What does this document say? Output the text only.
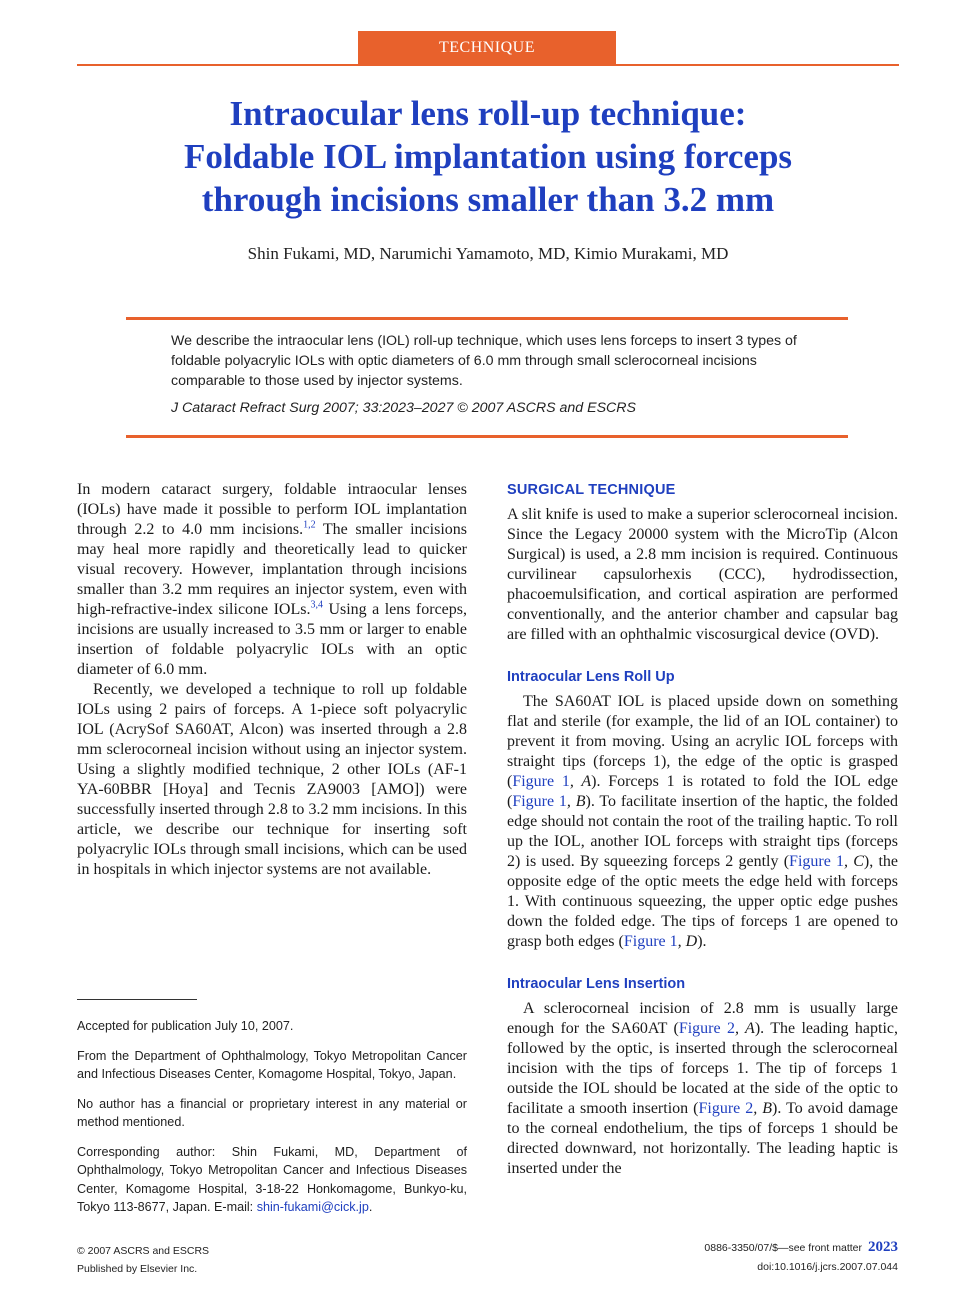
TECHNIQUE
Intraocular lens roll-up technique:
Foldable IOL implantation using forceps
through incisions smaller than 3.2 mm
Shin Fukami, MD, Narumichi Yamamoto, MD, Kimio Murakami, MD
We describe the intraocular lens (IOL) roll-up technique, which uses lens forceps to insert 3 types of foldable polyacrylic IOLs with optic diameters of 6.0 mm through small sclerocorneal incisions comparable to those used by injector systems.
J Cataract Refract Surg 2007; 33:2023–2027 © 2007 ASCRS and ESCRS

In modern cataract surgery, foldable intraocular lenses (IOLs) have made it possible to perform IOL implantation through 2.2 to 4.0 mm incisions.$^{1,2}$ The smaller incisions may heal more rapidly and theoretically lead to quicker visual recovery. However, implantation through incisions smaller than 3.2 mm requires an injector system, even with high-refractive-index silicone IOLs.$^{3,4}$ Using a lens forceps, incisions are usually increased to 3.5 mm or larger to enable insertion of foldable polyacrylic IOLs with an optic diameter of 6.0 mm.

Recently, we developed a technique to roll up foldable IOLs using 2 pairs of forceps. A 1-piece soft polyacrylic IOL (AcrySof SA60AT, Alcon) was inserted through a 2.8 mm sclerocorneal incision without using an injector system. Using a slightly modified technique, 2 other IOLs (AF-1 YA-60BBR [Hoya] and Tecnis ZA9003 [AMO]) were successfully inserted through 2.8 to 3.2 mm incisions. In this article, we describe our technique for inserting soft polyacrylic IOLs through small incisions, which can be used in hospitals in which injector systems are not available.

Accepted for publication July 10, 2007.

From the Department of Ophthalmology, Tokyo Metropolitan Cancer and Infectious Diseases Center, Komagome Hospital, Tokyo, Japan.

No author has a financial or proprietary interest in any material or method mentioned.

Corresponding author: Shin Fukami, MD, Department of Ophthalmology, Tokyo Metropolitan Cancer and Infectious Diseases Center, Komagome Hospital, 3-18-22 Honkomagome, Bunkyo-ku, Tokyo 113-8677, Japan. E-mail: shin-fukami@cick.jp.

SURGICAL TECHNIQUE

A slit knife is used to make a superior sclerocorneal incision. Since the Legacy 20000 system with the MicroTip (Alcon Surgical) is used, a 2.8 mm incision is required. Continuous curvilinear capsulorhexis (CCC), hydrodissection, phacoemulsification, and cortical aspiration are performed conventionally, and the anterior chamber and capsular bag are filled with an ophthalmic viscosurgical device (OVD).

Intraocular Lens Roll Up

The SA60AT IOL is placed upside down on something flat and sterile (for example, the lid of an IOL container) to prevent it from moving. Using an acrylic IOL forceps with straight tips (forceps 1), the edge of the optic is grasped (Figure 1, A). Forceps 1 is rotated to fold the IOL edge (Figure 1, B). To facilitate insertion of the haptic, the folded edge should not contain the root of the trailing haptic. To roll up the IOL, another IOL forceps with straight tips (forceps 2) is used. By squeezing forceps 2 gently (Figure 1, C), the opposite edge of the optic meets the edge held with forceps 1. With continuous squeezing, the upper optic edge pushes down the folded edge. The tips of forceps 1 are opened to grasp both edges (Figure 1, D).

Intraocular Lens Insertion

A sclerocorneal incision of 2.8 mm is usually large enough for the SA60AT (Figure 2, A). The leading haptic, followed by the optic, is inserted through the sclerocorneal incision with the tips of forceps 1. The tip of forceps 1 outside the IOL should be located at the side of the optic to facilitate a smooth insertion (Figure 2, B). To avoid damage to the corneal endothelium, the tips of forceps 1 should be directed downward, not horizontally. The leading haptic is inserted under the

© 2007 ASCRS and ESCRS
Published by Elsevier Inc.
0886-3350/07/$—see front matter 2023
doi:10.1016/j.jcrs.2007.07.044
